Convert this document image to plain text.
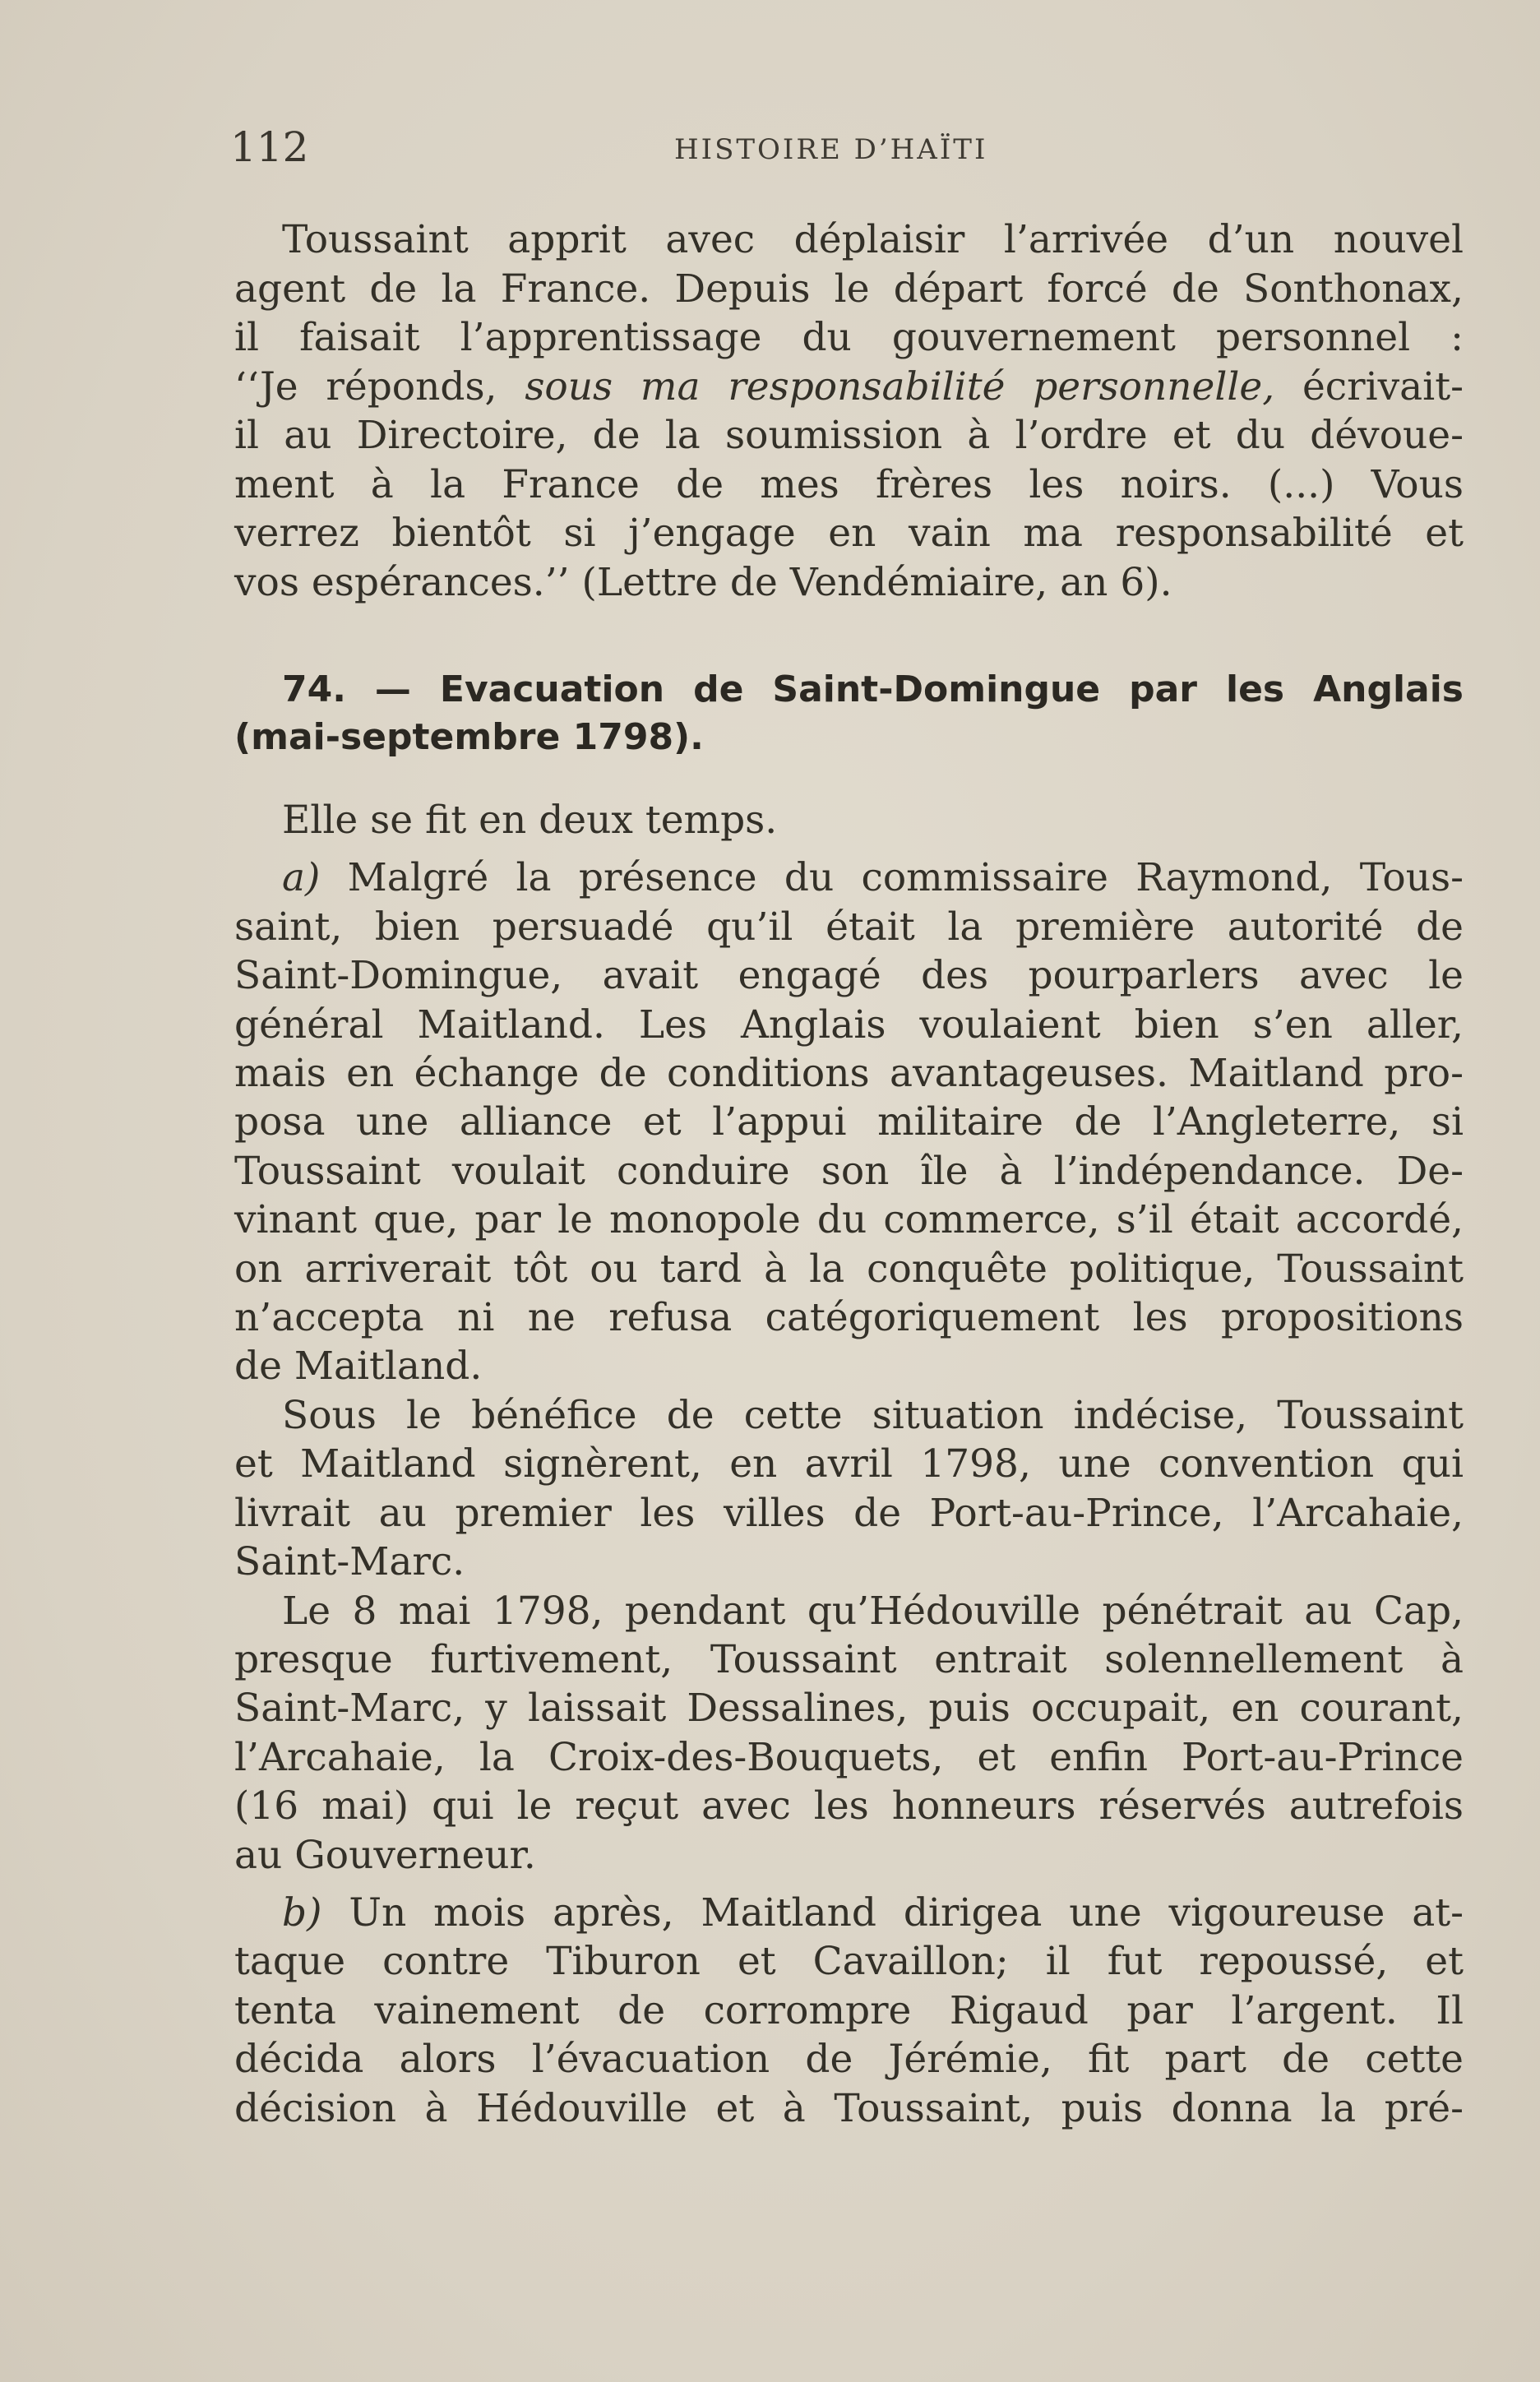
112	HISTOIRE D’HAÏTI
Toussaint apprit avec déplaisir l’arrivée d’un nouvel
agent de la France. Depuis le départ forcé de Sonthonax,
il faisait l’apprentissage du gouvernement personnel :
‘‘Je réponds, sous ma responsabilité personnelle, écrivait-
il au Directoire, de la soumission à l’ordre et du dévoue-
ment à la France de mes frères les noirs. (...) Vous
verrez bientôt si j’engage en vain ma responsabilité et
vos espérances.’’ (Lettre de Vendémiaire, an 6).
74. — Evacuation de Saint-Domingue par les Anglais
(mai-septembre 1798).
Elle se fit en deux temps.
a) Malgré la présence du commissaire Raymond, Tous-
saint, bien persuadé qu’il était la première autorité de
Saint-Domingue, avait engagé des pourparlers avec le
général Maitland. Les Anglais voulaient bien s’en aller,
mais en échange de conditions avantageuses. Maitland pro-
posa une alliance et l’appui militaire de l’Angleterre, si
Toussaint voulait conduire son île à l’indépendance. De-
vinant que, par le monopole du commerce, s’il était accordé,
on arriverait tôt ou tard à la conquête politique, Toussaint
n’accepta ni ne refusa catégoriquement les propositions
de Maitland.
Sous le bénéfice de cette situation indécise, Toussaint
et Maitland signèrent, en avril 1798, une convention qui
livrait au premier les villes de Port-au-Prince, l’Arcahaie,
Saint-Marc.
Le 8 mai 1798, pendant qu’Hédouville pénétrait au Cap,
presque furtivement, Toussaint entrait solennellement à
Saint-Marc, y laissait Dessalines, puis occupait, en courant,
l’Arcahaie, la Croix-des-Bouquets, et enfin Port-au-Prince
(16 mai) qui le reçut avec les honneurs réservés autrefois
au Gouverneur.
b) Un mois après, Maitland dirigea une vigoureuse at-
taque contre Tiburon et Cavaillon; il fut repoussé, et
tenta vainement de corrompre Rigaud par l’argent. Il
décida alors l’évacuation de Jérémie, fit part de cette
décision à Hédouville et à Toussaint, puis donna la pré-
